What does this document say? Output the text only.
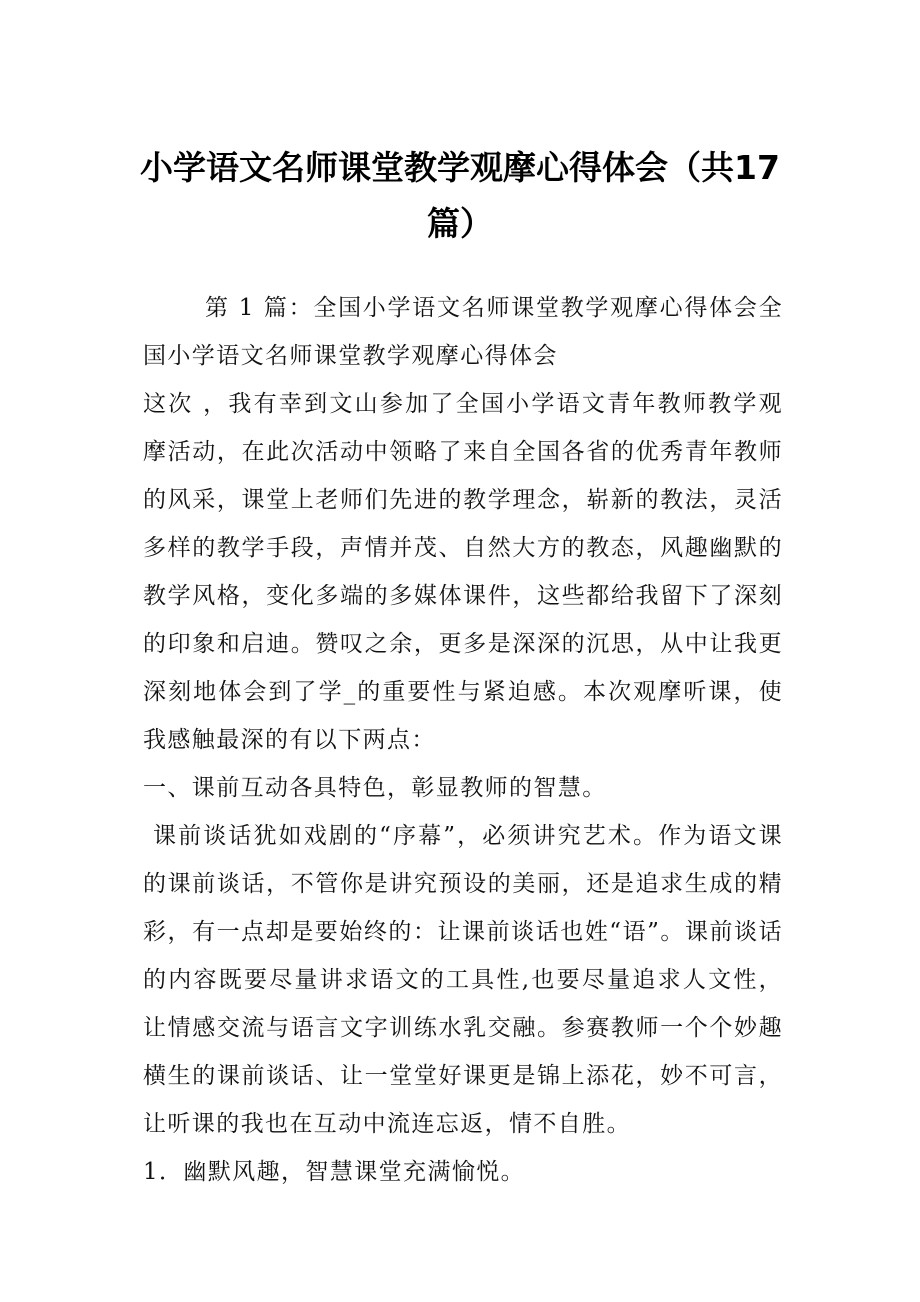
小学语文名师课堂教学观摩心得体会（共17篇）

第 1 篇：全国小学语文名师课堂教学观摩心得体会全国小学语文名师课堂教学观摩心得体会

这次 ，我有幸到文山参加了全国小学语文青年教师教学观摩活动，在此次活动中领略了来自全国各省的优秀青年教师的风采，课堂上老师们先进的教学理念，崭新的教法，灵活多样的教学手段，声情并茂、自然大方的教态，风趣幽默的教学风格，变化多端的多媒体课件，这些都给我留下了深刻的印象和启迪。赞叹之余，更多是深深的沉思，从中让我更深刻地体会到了学_的重要性与紧迫感。本次观摩听课，使我感触最深的有以下两点：

一、课前互动各具特色，彰显教师的智慧。

课前谈话犹如戏剧的“序幕”，必须讲究艺术。作为语文课的课前谈话，不管你是讲究预设的美丽，还是追求生成的精彩，有一点却是要始终的：让课前谈话也姓“语”。课前谈话的内容既要尽量讲求语文的工具性,也要尽量追求人文性，让情感交流与语言文字训练水乳交融。参赛教师一个个妙趣横生的课前谈话、让一堂堂好课更是锦上添花，妙不可言，让听课的我也在互动中流连忘返，情不自胜。

1．幽默风趣，智慧课堂充满愉悦。
